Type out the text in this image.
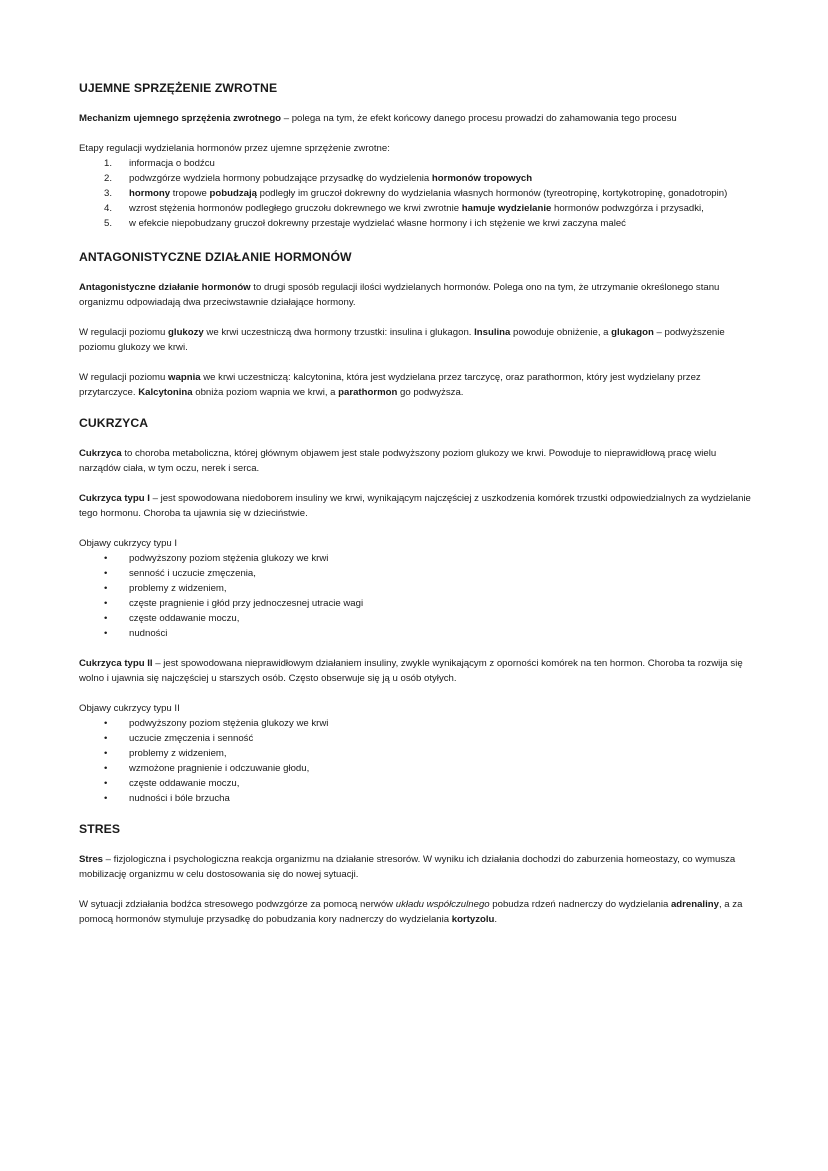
UJEMNE SPRZĘŻENIE ZWROTNE

Mechanizm ujemnego sprzężenia zwrotnego – polega na tym, że efekt końcowy danego procesu prowadzi do zahamowania tego procesu

Etapy regulacji wydzielania hormonów przez ujemne sprzężenie zwrotne:

1. informacja o bodźcu
2. podwzgórze wydziela hormony pobudzające przysadkę do wydzielenia hormonów tropowych
3. hormony tropowe pobudzają podległy im gruczoł dokrewny do wydzielania własnych hormonów (tyreotropinę, kortykotropinę, gonadotropin)
4. wzrost stężenia hormonów podległego gruczołu dokrewnego we krwi zwrotnie hamuje wydzielanie hormonów podwzgórza i przysadki,
5. w efekcie niepobudzany gruczoł dokrewny przestaje wydzielać własne hormony i ich stężenie we krwi zaczyna maleć
ANTAGONISTYCZNE DZIAŁANIE HORMONÓW

Antagonistyczne działanie hormonów to drugi sposób regulacji ilości wydzielanych hormonów. Polega ono na tym, że utrzymanie określonego stanu organizmu odpowiadają dwa przeciwstawnie działające hormony.

W regulacji poziomu glukozy we krwi uczestniczą dwa hormony trzustki: insulina i glukagon. Insulina powoduje obniżenie, a glukagon – podwyższenie poziomu glukozy we krwi.

W regulacji poziomu wapnia we krwi uczestniczą: kalcytonina, która jest wydzielana przez tarczycę, oraz parathormon, który jest wydzielany przez przytarczyce. Kalcytonina obniża poziom wapnia we krwi, a parathormon go podwyższa.

CUKRZYCA

Cukrzyca to choroba metaboliczna, której głównym objawem jest stale podwyższony poziom glukozy we krwi. Powoduje to nieprawidłową pracę wielu narządów ciała, w tym oczu, nerek i serca.

Cukrzyca typu I – jest spowodowana niedoborem insuliny we krwi, wynikającym najczęściej z uszkodzenia komórek trzustki odpowiedzialnych za wydzielanie tego hormonu. Choroba ta ujawnia się w dzieciństwie.

Objawy cukrzycy typu I

• podwyższony poziom stężenia glukozy we krwi
• senność i uczucie zmęczenia,
• problemy z widzeniem,
• częste pragnienie i głód przy jednoczesnej utracie wagi
• częste oddawanie moczu,
• nudności

Cukrzyca typu II – jest spowodowana nieprawidłowym działaniem insuliny, zwykle wynikającym z oporności komórek na ten hormon. Choroba ta rozwija się wolno i ujawnia się najczęściej u starszych osób. Często obserwuje się ją u osób otyłych.

Objawy cukrzycy typu II

• podwyższony poziom stężenia glukozy we krwi
• uczucie zmęczenia i senność
• problemy z widzeniem,
• wzmożone pragnienie i odczuwanie głodu,
• częste oddawanie moczu,
• nudności i bóle brzucha
STRES

Stres – fizjologiczna i psychologiczna reakcja organizmu na działanie stresorów. W wyniku ich działania dochodzi do zaburzenia homeostazy, co wymusza mobilizację organizmu w celu dostosowania się do nowej sytuacji.

W sytuacji zdziałania bodźca stresowego podwzgórze za pomocą nerwów układu współczulnego pobudza rdzeń nadnerczy do wydzielania adrenaliny, a za pomocą hormonów stymuluje przysadkę do pobudzania kory nadnerczy do wydzielania kortyzolu.
